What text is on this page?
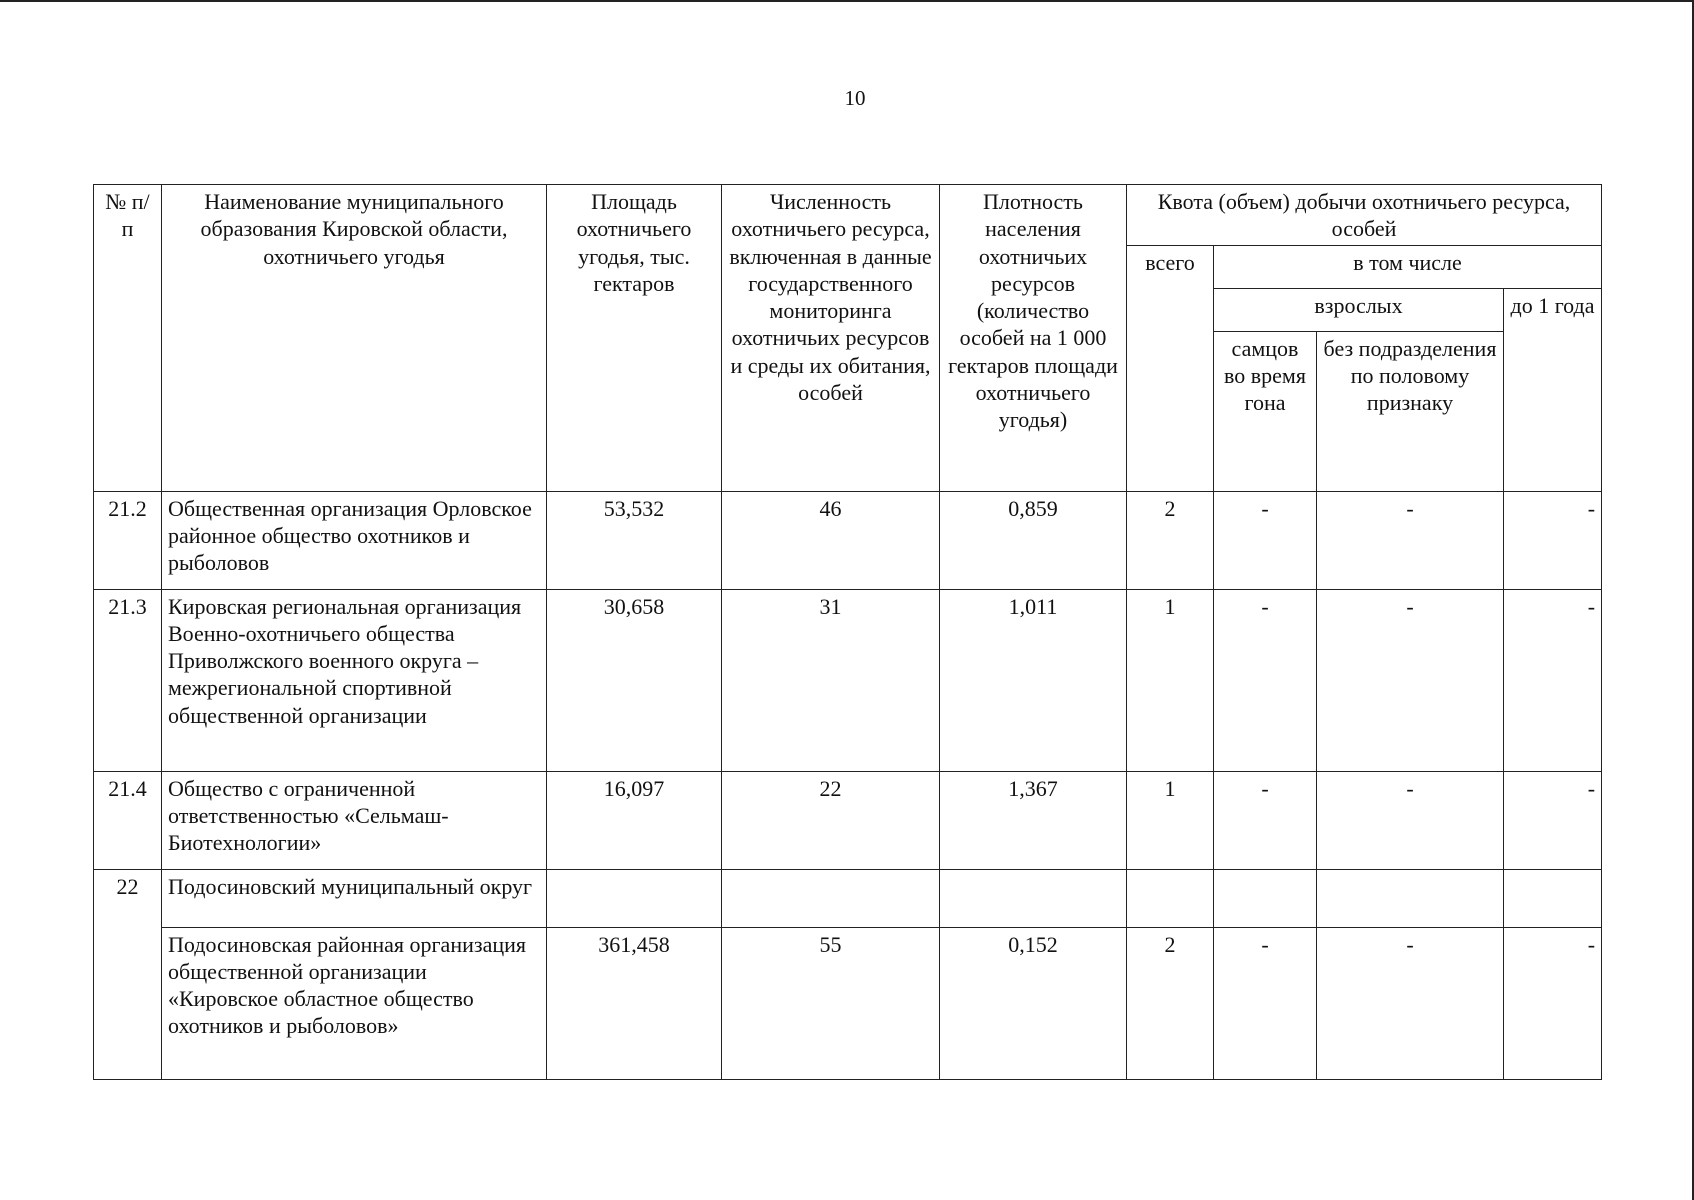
10
№ п/п	Наименование муниципального образования Кировской области, охотничьего угодья	Площадь охотничьего угодья, тыс. гектаров	Численность охотничьего ресурса, включенная в данные государственного мониторинга охотничьих ресурсов и среды их обитания, особей	Плотность населения охотничьих ресурсов (количество особей на 1 000 гектаров площади охотничьего угодья)	Квота (объем) добычи охотничьего ресурса, особей			
					всего	в том числе		
						взрослых		до 1 года
						самцов во время гона	без подразделения по половому признаку	
21.2	Общественная организация Орловское районное общество охотников и рыболовов	53,532	46	0,859	2	-	-	-
21.3	Кировская региональная организация Военно-охотничьего общества Приволжского военного округа – межрегиональной спортивной общественной организации	30,658	31	1,011	1	-	-	-
21.4	Общество с ограниченной ответственностью «Сельмаш-Биотехнологии»	16,097	22	1,367	1	-	-	-
22	Подосиновский муниципальный округ							
	Подосиновская районная организация общественной организации «Кировское областное общество охотников и рыболовов»	361,458	55	0,152	2	-	-	-
